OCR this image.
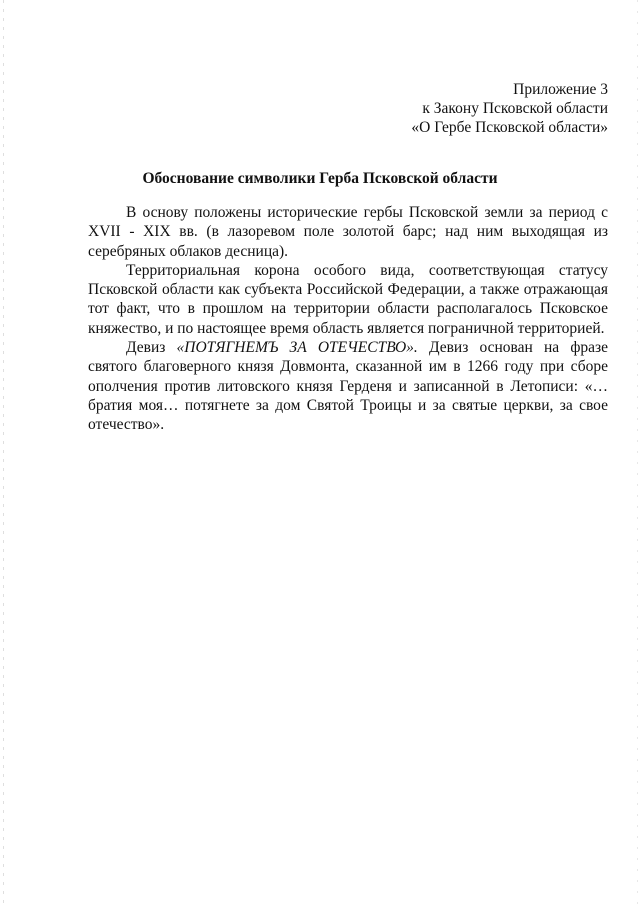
Приложение 3
к Закону Псковской области
«О Гербе Псковской области»
Обоснование символики Герба Псковской области

В основу положены исторические гербы Псковской земли за период с XVII - XIX вв. (в лазоревом поле золотой барс; над ним выходящая из серебряных облаков десница).

Территориальная корона особого вида, соответствующая статусу Псковской области как субъекта Российской Федерации, а также отражающая тот факт, что в прошлом на территории области располагалось Псковское княжество, и по настоящее время область является пограничной территорией.

Девиз «ПОТЯГНЕМЪ ЗА ОТЕЧЕСТВО». Девиз основан на фразе святого благоверного князя Довмонта, сказанной им в 1266 году при сборе ополчения против литовского князя Герденя и записанной в Летописи: «…братия моя… потягнете за дом Святой Троицы и за святые церкви, за свое отечество».
